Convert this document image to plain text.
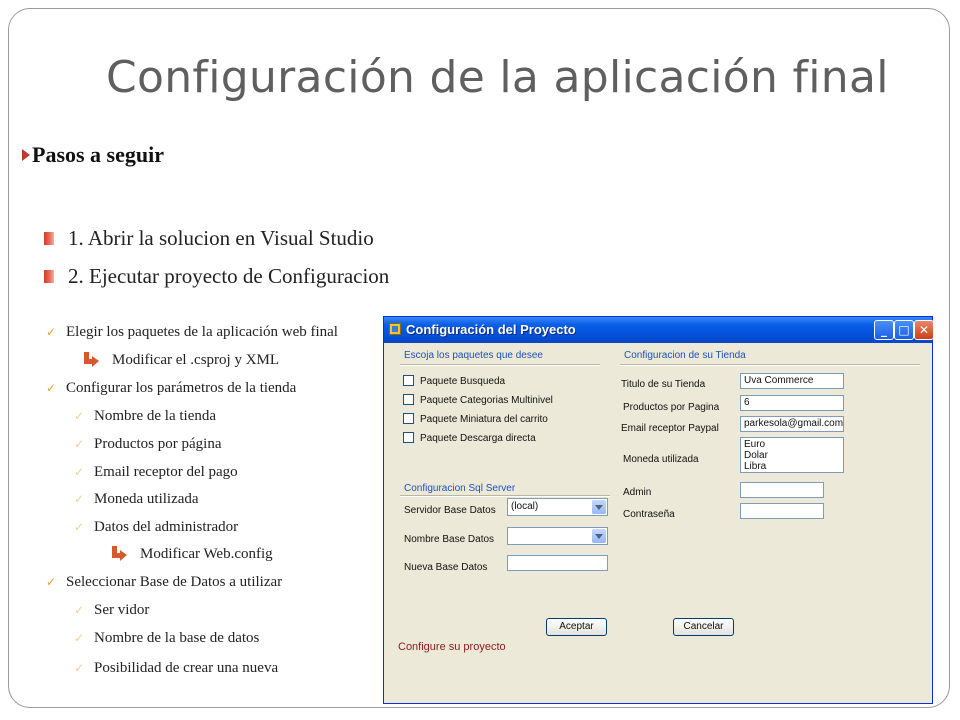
Configuración de la aplicación final
Pasos a seguir
1. Abrir la solucion en Visual Studio
2. Ejecutar proyecto de Configuracion
✓ Elegir los paquetes de la aplicación web final
Modificar el .csproj y XML
✓ Configurar los parámetros de la tienda
✓ Nombre de la tienda
✓ Productos por página
✓ Email receptor del pago
✓ Moneda utilizada
✓ Datos del administrador
Modificar Web.config
✓ Seleccionar Base de Datos a utilizar
✓ Ser vidor
✓ Nombre de la base de datos
✓ Posibilidad de crear una nueva
Configuración del Proyecto	_ □ ✕
Escoja los paquetes que desee
Paquete Busqueda
Paquete Categorias Multinivel
Paquete Miniatura del carrito
Paquete Descarga directa
Configuracion Sql Server
Servidor Base Datos	(local)
Nombre Base Datos
Nueva Base Datos
Configuracion de su Tienda
Titulo de su Tienda	Uva Commerce
Productos por Pagina	6
Email receptor Paypal	parkesola@gmail.com
Moneda utilizada
Euro
Dolar
Libra
Admin
Contraseña
Aceptar	Cancelar
Configure su proyecto
